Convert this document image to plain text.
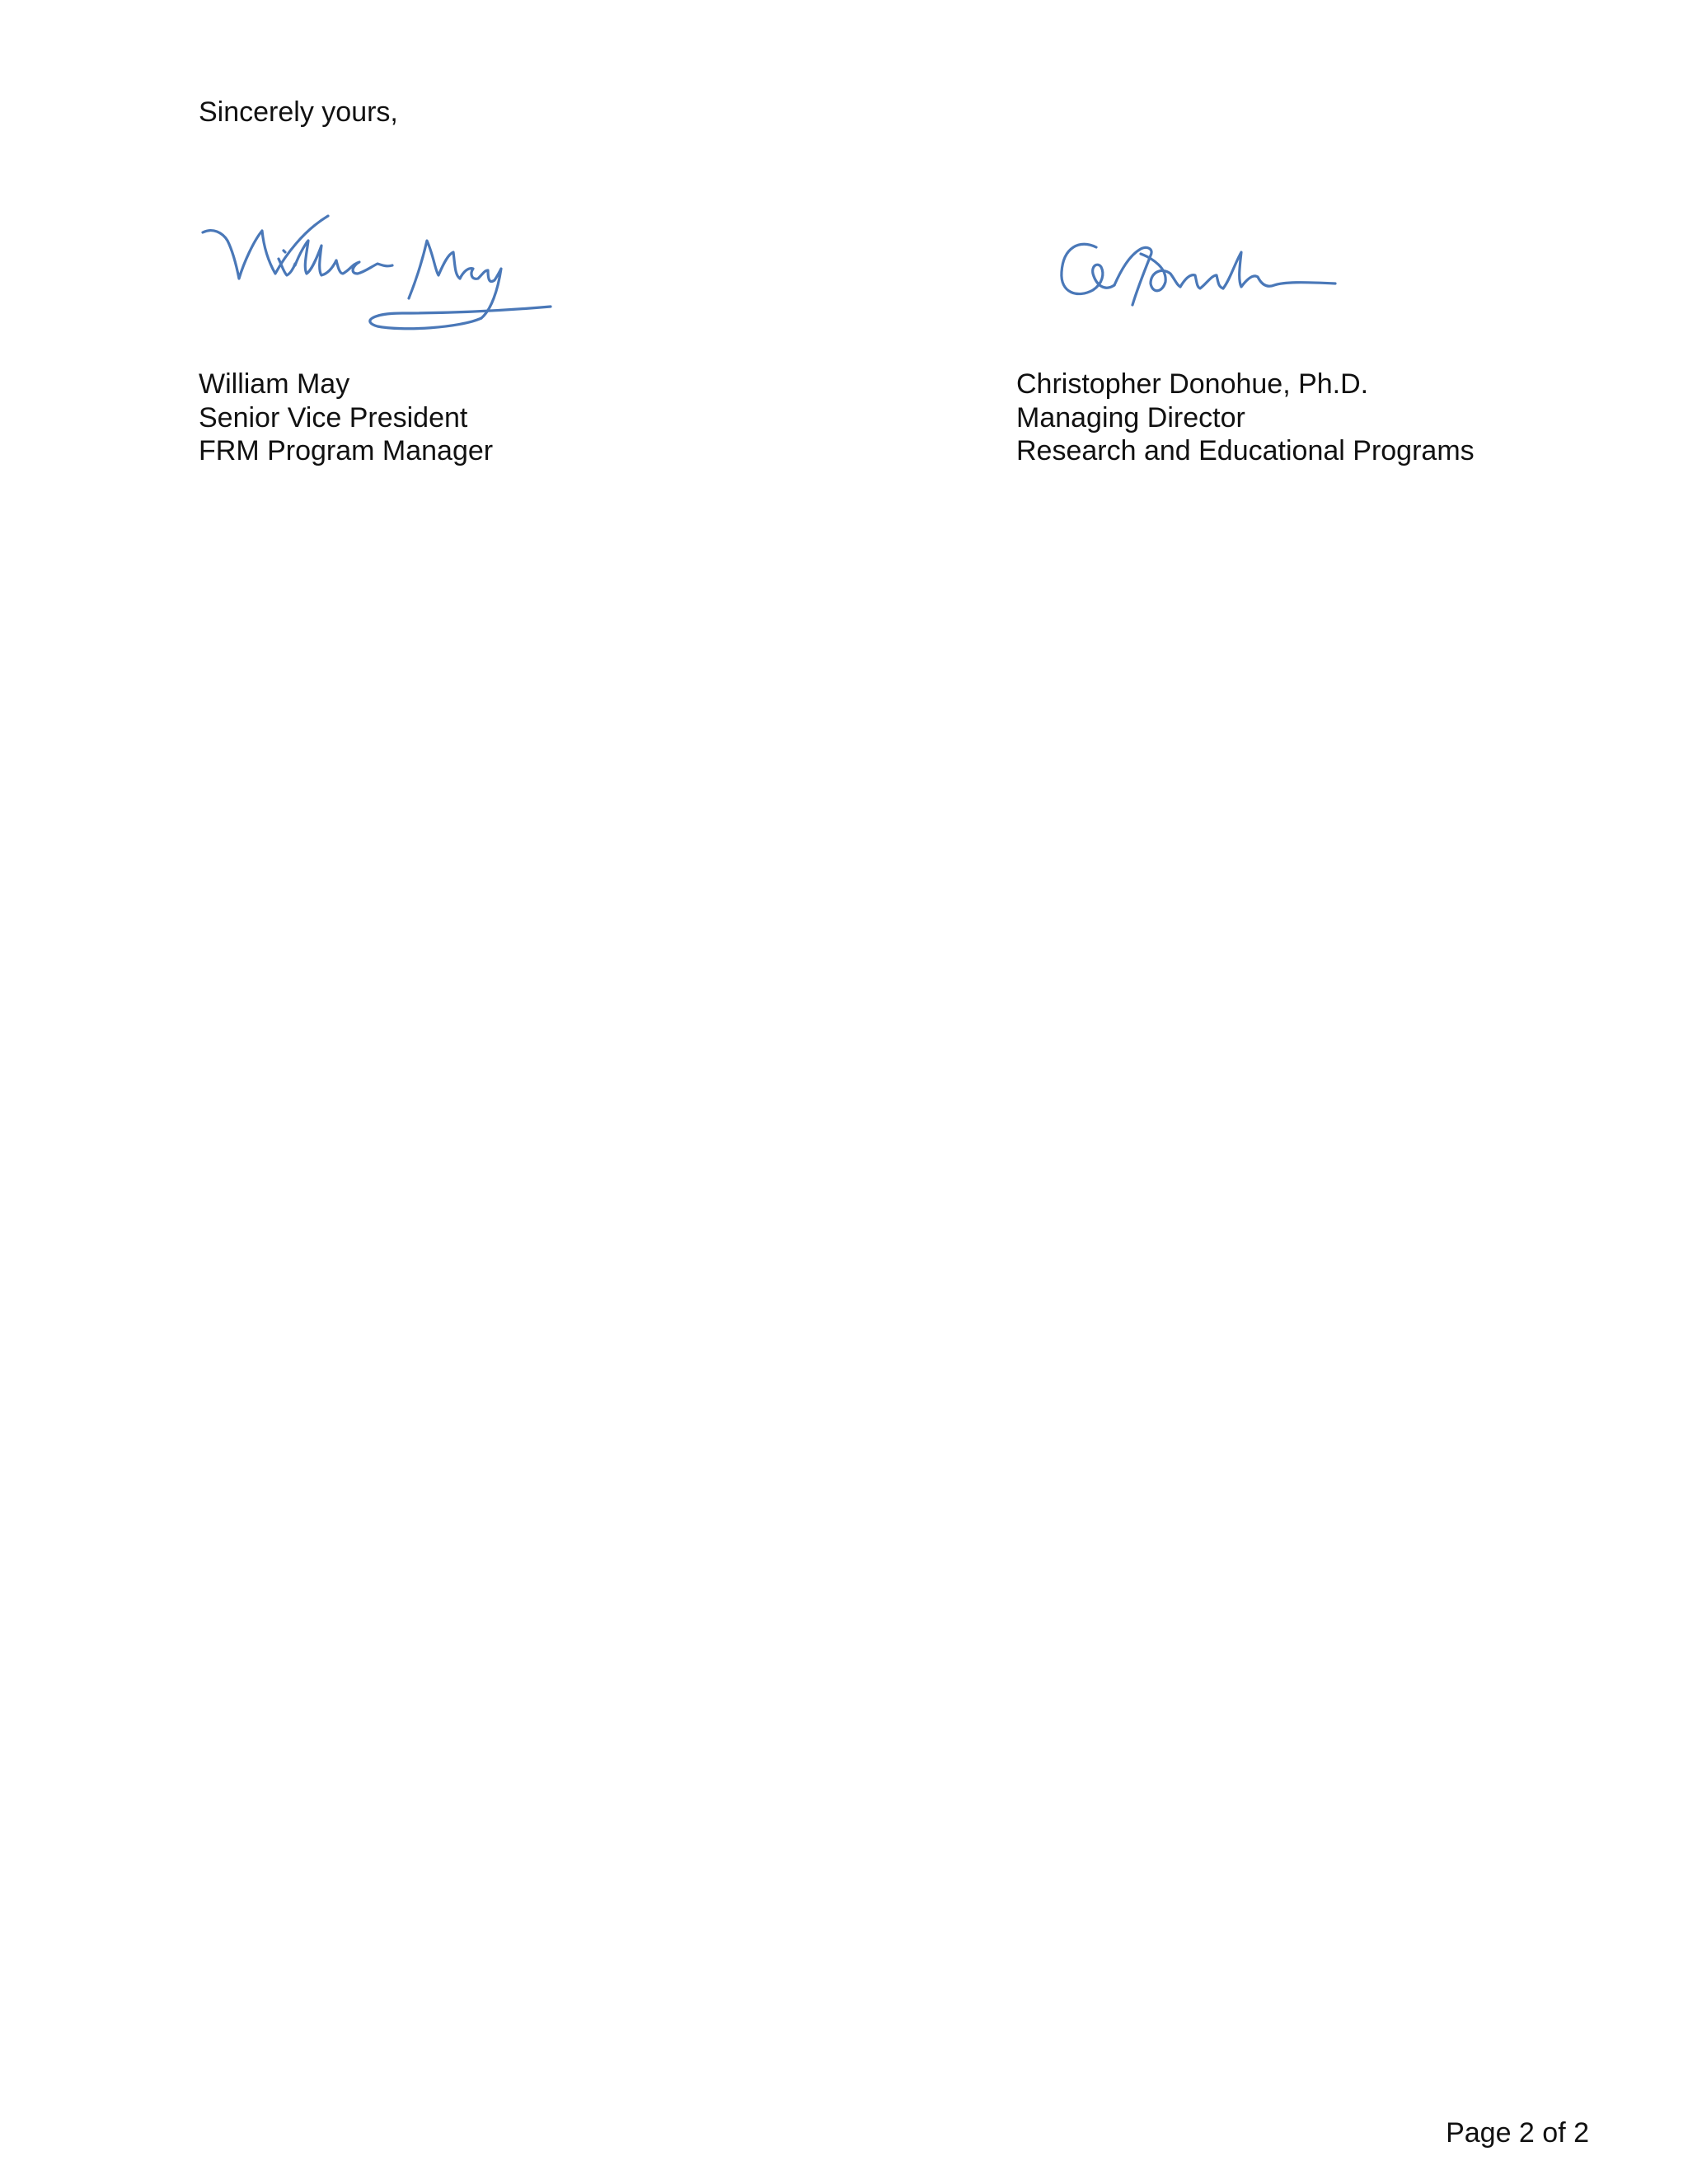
Sincerely yours,
William May
Senior Vice President
FRM Program Manager
Christopher Donohue, Ph.D.
Managing Director
Research and Educational Programs
Page 2 of 2
